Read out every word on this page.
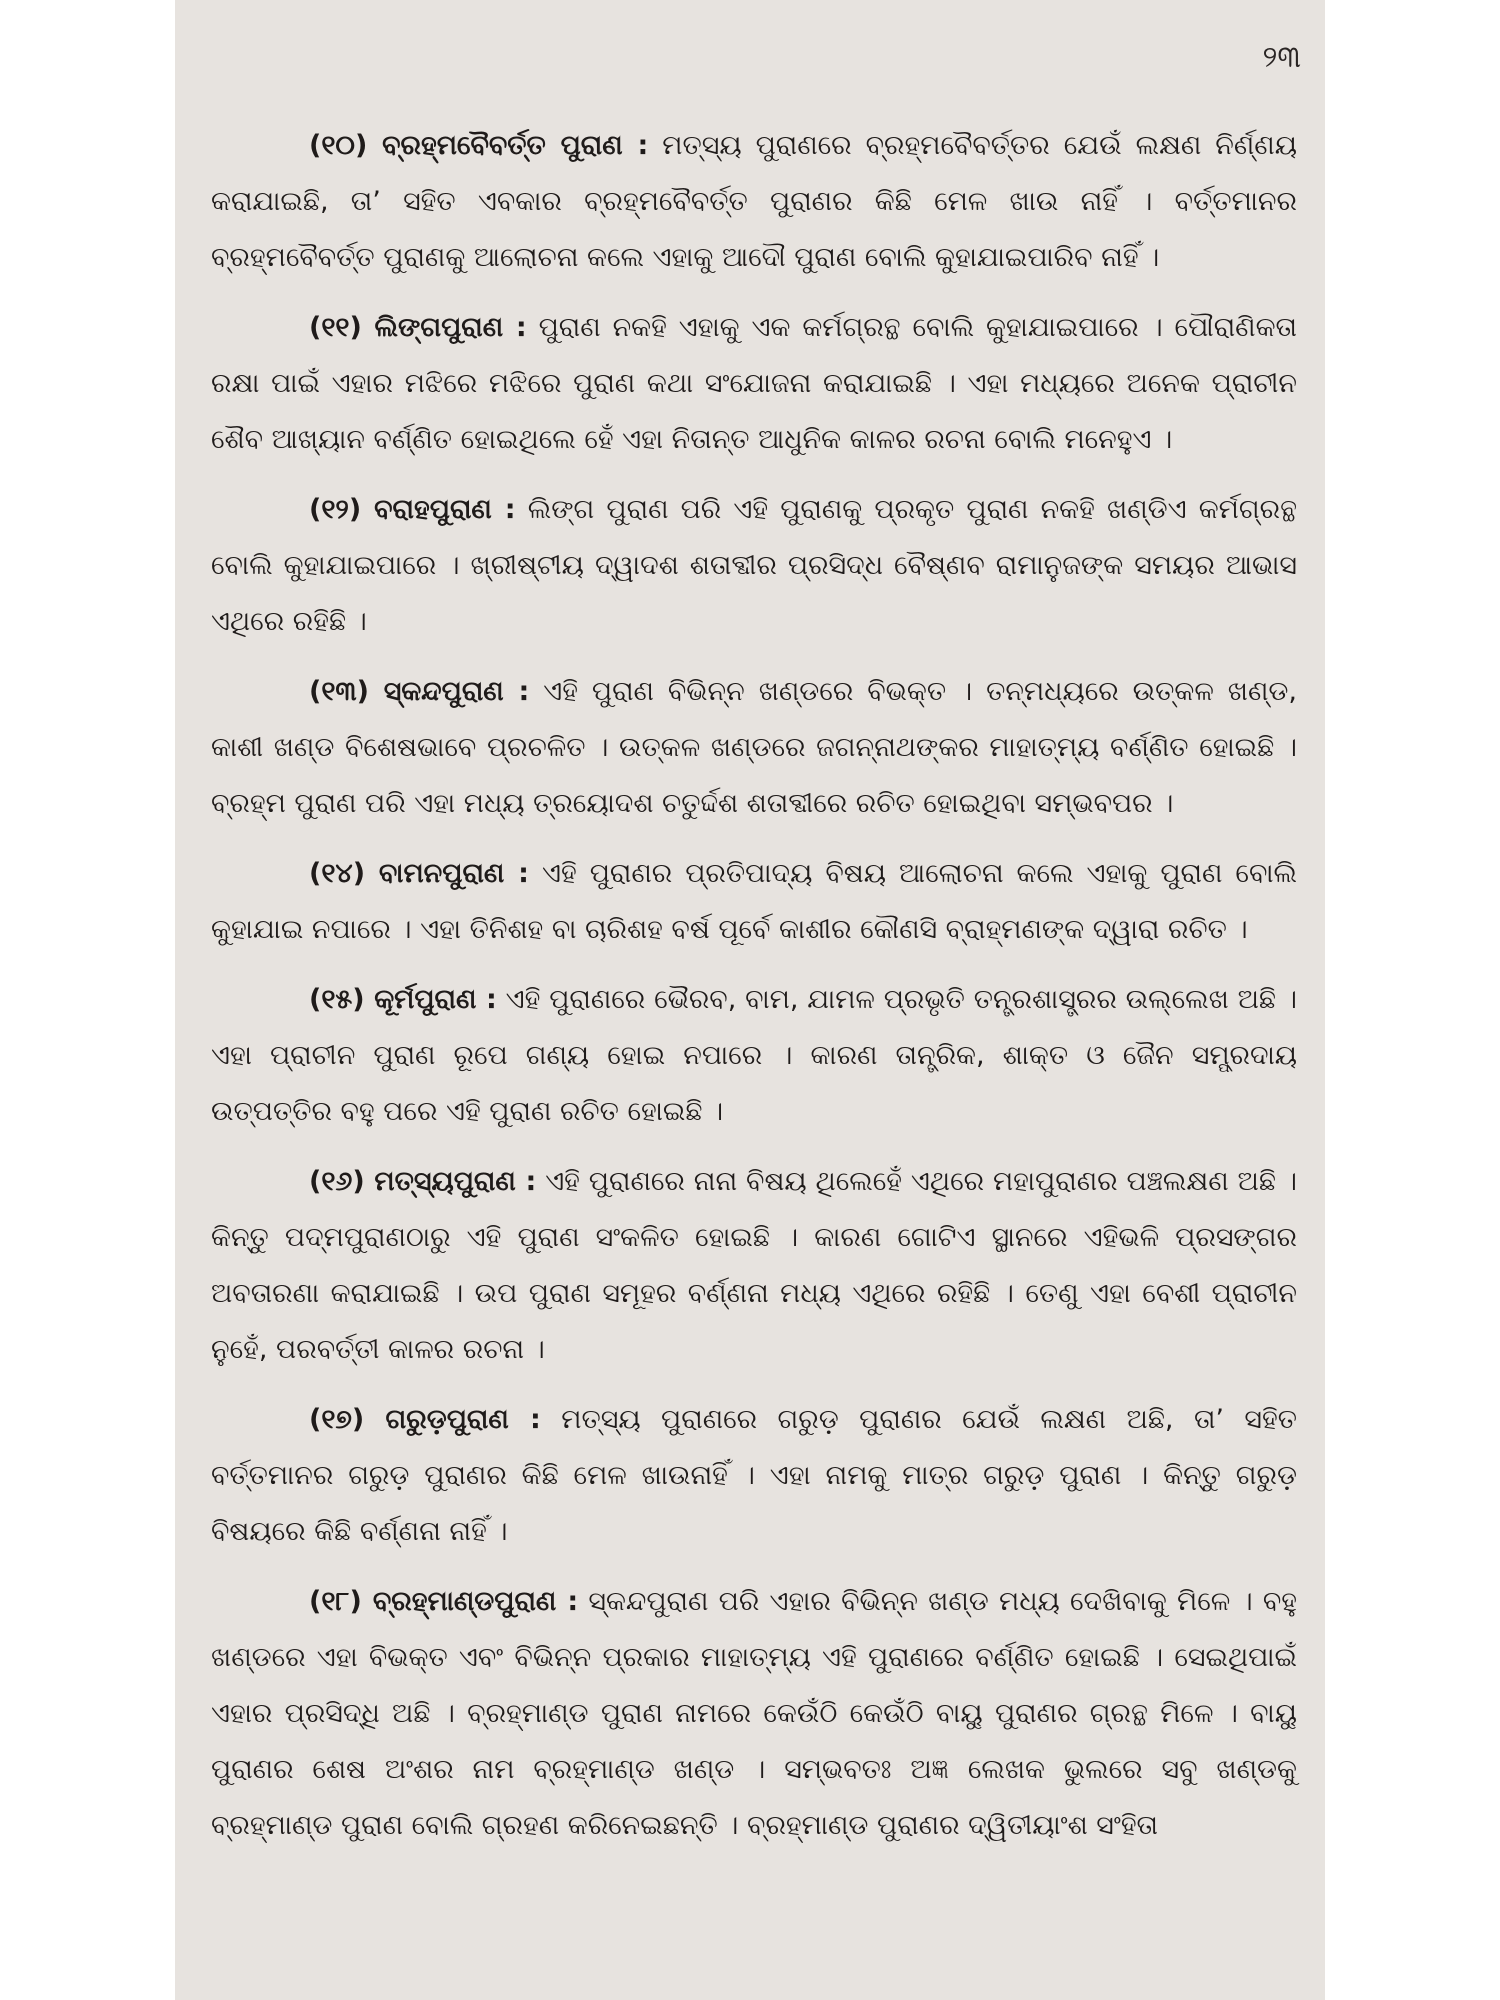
୨୩

(୧୦) ବ୍ରହ୍ମବୈବର୍ତ୍ତ ପୁରାଣ : ମତ୍ସ୍ୟ ପୁରାଣରେ ବ୍ରହ୍ମବୈବର୍ତ୍ତର ଯେଉଁ ଲକ୍ଷଣ ନିର୍ଣ୍ଣୟ କରାଯାଇଛି, ତା’ ସହିତ ଏବକାର ବ୍ରହ୍ମବୈବର୍ତ୍ତ ପୁରାଣର କିଛି ମେଳ ଖାଉ ନାହିଁ । ବର୍ତ୍ତମାନର ବ୍ରହ୍ମବୈବର୍ତ୍ତ ପୁରାଣକୁ ଆଲୋଚନା କଲେ ଏହାକୁ ଆଦୌ ପୁରାଣ ବୋଲି କୁହାଯାଇପାରିବ ନାହିଁ ।

(୧୧) ଲିଙ୍ଗପୁରାଣ : ପୁରାଣ ନକହି ଏହାକୁ ଏକ କର୍ମଗ୍ରନ୍ଥ ବୋଲି କୁହାଯାଇପାରେ । ପୌରାଣିକତା ରକ୍ଷା ପାଇଁ ଏହାର ମଝିରେ ମଝିରେ ପୁରାଣ କଥା ସଂଯୋଜନା କରାଯାଇଛି । ଏହା ମଧ୍ୟରେ ଅନେକ ପ୍ରାଚୀନ ଶୈବ ଆଖ୍ୟାନ ବର୍ଣ୍ଣିତ ହୋଇଥିଲେ ହେଁ ଏହା ନିତାନ୍ତ ଆଧୁନିକ କାଳର ରଚନା ବୋଲି ମନେହୁଏ ।

(୧୨) ବରାହପୁରାଣ : ଲିଙ୍ଗ ପୁରାଣ ପରି ଏହି ପୁରାଣକୁ ପ୍ରକୃତ ପୁରାଣ ନକହି ଖଣ୍ଡିଏ କର୍ମଗ୍ରନ୍ଥ ବୋଲି କୁହାଯାଇପାରେ । ଖ୍ରୀଷ୍ଟୀୟ ଦ୍ୱାଦଶ ଶତାବ୍ଦୀର ପ୍ରସିଦ୍ଧ ବୈଷ୍ଣବ ରାମାନୁଜଙ୍କ ସମୟର ଆଭାସ ଏଥିରେ ରହିଛି ।

(୧୩) ସ୍କନ୍ଦପୁରାଣ : ଏହି ପୁରାଣ ବିଭିନ୍ନ ଖଣ୍ଡରେ ବିଭକ୍ତ । ତନ୍ମଧ୍ୟରେ ଉତ୍କଳ ଖଣ୍ଡ, କାଶୀ ଖଣ୍ଡ ବିଶେଷଭାବେ ପ୍ରଚଳିତ । ଉତ୍କଳ ଖଣ୍ଡରେ ଜଗନ୍ନାଥଙ୍କର ମାହାତ୍ମ୍ୟ ବର୍ଣ୍ଣିତ ହୋଇଛି । ବ୍ରହ୍ମ ପୁରାଣ ପରି ଏହା ମଧ୍ୟ ତ୍ରୟୋଦଶ ଚତୁର୍ଦ୍ଦଶ ଶତାବ୍ଦୀରେ ରଚିତ ହୋଇଥିବା ସମ୍ଭବପର ।

(୧୪) ବାମନପୁରାଣ : ଏହି ପୁରାଣର ପ୍ରତିପାଦ୍ୟ ବିଷୟ ଆଲୋଚନା କଲେ ଏହାକୁ ପୁରାଣ ବୋଲି କୁହାଯାଇ ନପାରେ । ଏହା ତିନିଶହ ବା ଚାରିଶହ ବର୍ଷ ପୂର୍ବେ କାଶୀର କୌଣସି ବ୍ରାହ୍ମଣଙ୍କ ଦ୍ୱାରା ରଚିତ ।

(୧୫) କୂର୍ମପୁରାଣ : ଏହି ପୁରାଣରେ ଭୈରବ, ବାମ, ଯାମଳ ପ୍ରଭୃତି ତନ୍ତ୍ରଶାସ୍ତ୍ରର ଉଲ୍ଲେଖ ଅଛି । ଏହା ପ୍ରାଚୀନ ପୁରାଣ ରୂପେ ଗଣ୍ୟ ହୋଇ ନପାରେ । କାରଣ ତାନ୍ତ୍ରିକ, ଶାକ୍ତ ଓ ଜୈନ ସମ୍ପ୍ରଦାୟ ଉତ୍ପତ୍ତିର ବହୁ ପରେ ଏହି ପୁରାଣ ରଚିତ ହୋଇଛି ।

(୧୬) ମତ୍ସ୍ୟପୁରାଣ : ଏହି ପୁରାଣରେ ନାନା ବିଷୟ ଥିଲେହେଁ ଏଥିରେ ମହାପୁରାଣର ପଞ୍ଚଲକ୍ଷଣ ଅଛି । କିନ୍ତୁ ପଦ୍ମପୁରାଣଠାରୁ ଏହି ପୁରାଣ ସଂକଳିତ ହୋଇଛି । କାରଣ ଗୋଟିଏ ସ୍ଥାନରେ ଏହିଭଳି ପ୍ରସଙ୍ଗର ଅବତାରଣା କରାଯାଇଛି । ଉପ ପୁରାଣ ସମୂହର ବର୍ଣ୍ଣନା ମଧ୍ୟ ଏଥିରେ ରହିଛି । ତେଣୁ ଏହା ବେଶୀ ପ୍ରାଚୀନ ନୁହେଁ, ପରବର୍ତ୍ତୀ କାଳର ରଚନା ।

(୧୭) ଗରୁଡ଼ପୁରାଣ : ମତ୍ସ୍ୟ ପୁରାଣରେ ଗରୁଡ଼ ପୁରାଣର ଯେଉଁ ଲକ୍ଷଣ ଅଛି, ତା’ ସହିତ ବର୍ତ୍ତମାନର ଗରୁଡ଼ ପୁରାଣର କିଛି ମେଳ ଖାଉନାହିଁ । ଏହା ନାମକୁ ମାତ୍ର ଗରୁଡ଼ ପୁରାଣ । କିନ୍ତୁ ଗରୁଡ଼ ବିଷୟରେ କିଛି ବର୍ଣ୍ଣନା ନାହିଁ ।

(୧୮) ବ୍ରହ୍ମାଣ୍ଡପୁରାଣ : ସ୍କନ୍ଦପୁରାଣ ପରି ଏହାର ବିଭିନ୍ନ ଖଣ୍ଡ ମଧ୍ୟ ଦେଖିବାକୁ ମିଳେ । ବହୁ ଖଣ୍ଡରେ ଏହା ବିଭକ୍ତ ଏବଂ ବିଭିନ୍ନ ପ୍ରକାର ମାହାତ୍ମ୍ୟ ଏହି ପୁରାଣରେ ବର୍ଣ୍ଣିତ ହୋଇଛି । ସେଇଥିପାଇଁ ଏହାର ପ୍ରସିଦ୍ଧି ଅଛି । ବ୍ରହ୍ମାଣ୍ଡ ପୁରାଣ ନାମରେ କେଉଁଠି କେଉଁଠି ବାୟୁ ପୁରାଣର ଗ୍ରନ୍ଥ ମିଳେ । ବାୟୁ ପୁରାଣର ଶେଷ ଅଂଶର ନାମ ବ୍ରହ୍ମାଣ୍ଡ ଖଣ୍ଡ । ସମ୍ଭବତଃ ଅଜ୍ଞ ଲେଖକ ଭୁଲରେ ସବୁ ଖଣ୍ଡକୁ ବ୍ରହ୍ମାଣ୍ଡ ପୁରାଣ ବୋଲି ଗ୍ରହଣ କରିନେଇଛନ୍ତି । ବ୍ରହ୍ମାଣ୍ଡ ପୁରାଣର ଦ୍ୱିତୀୟାଂଶ ସଂହିତା
